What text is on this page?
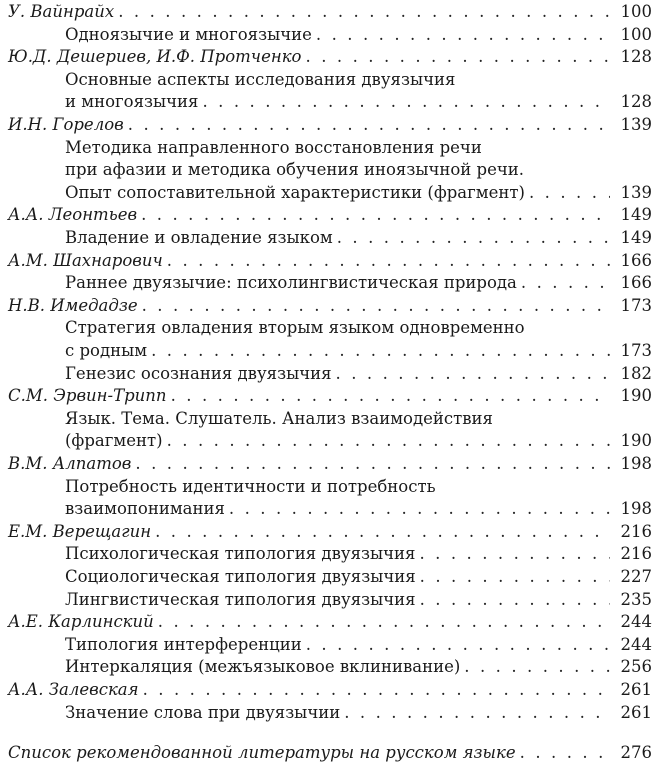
У. Вайнрайх . . .	100
Одноязычие и многоязычие . . .	100
Ю.Д. Дешериев, И.Ф. Протченко . . .	128
Основные аспекты исследования двуязычия
и многоязычия . . .	128
И.Н. Горелов . . .	139
Методика направленного восстановления речи
при афазии и методика обучения иноязычной речи.
Опыт сопоставительной характеристики (фрагмент) . . .	139
А.А. Леонтьев . . .	149
Владение и овладение языком . . .	149
А.М. Шахнарович . . .	166
Раннее двуязычие: психолингвистическая природа . . .	166
Н.В. Имедадзе . . .	173
Стратегия овладения вторым языком одновременно
с родным . . .	173
Генезис осознания двуязычия . . .	182
С.М. Эрвин-Трипп . . .	190
Язык. Тема. Слушатель. Анализ взаимодействия
(фрагмент) . . .	190
В.М. Алпатов . . .	198
Потребность идентичности и потребность
взаимопонимания . . .	198
Е.М. Верещагин . . .	216
Психологическая типология двуязычия . . .	216
Социологическая типология двуязычия . . .	227
Лингвистическая типология двуязычия . . .	235
А.Е. Карлинский . . .	244
Типология интерференции . . .	244
Интеркаляция (межъязыковое вклинивание) . . .	256
А.А. Залевская . . .	261
Значение слова при двуязычии . . .	261
Список рекомендованной литературы на русском языке . . .	276
